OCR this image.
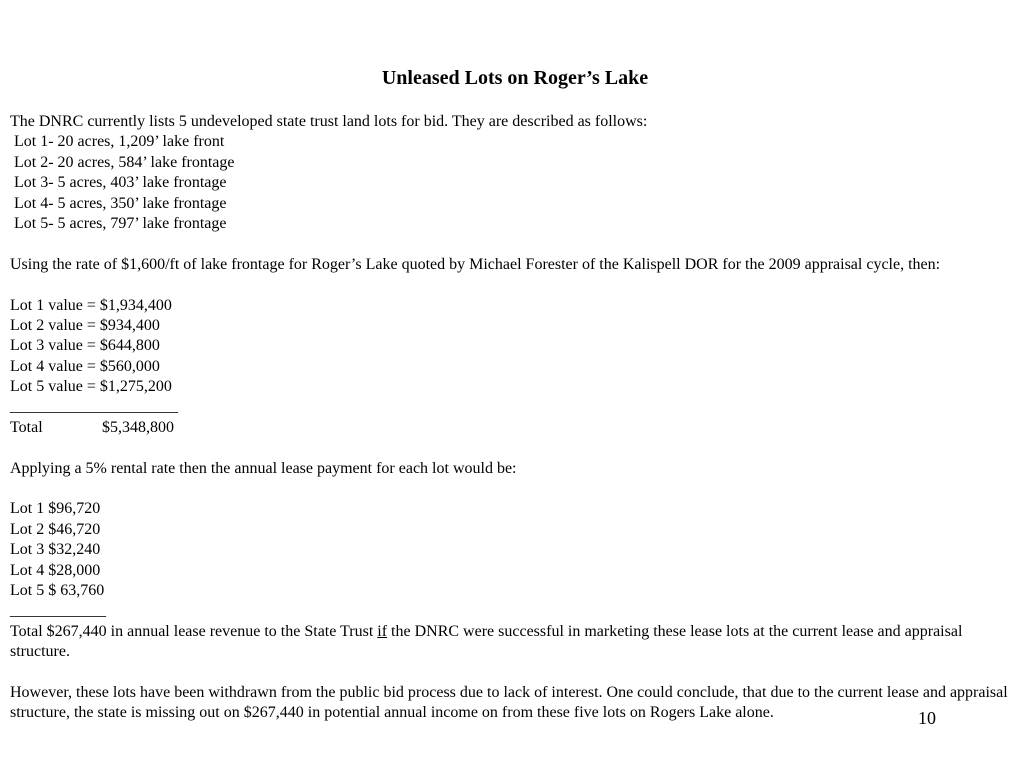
Unleased Lots on Roger’s Lake
The DNRC currently lists 5 undeveloped state trust land lots for bid. They are described as follows:
Lot 1- 20 acres, 1,209’ lake front
Lot 2- 20 acres, 584’ lake frontage
Lot 3- 5 acres, 403’ lake frontage
Lot 4- 5 acres, 350’ lake frontage
Lot 5- 5 acres, 797’ lake frontage
Using the rate of $1,600/ft of lake frontage for Roger’s Lake quoted by Michael Forester of the Kalispell DOR for the 2009 appraisal cycle, then:
Lot 1 value = $1,934,400
Lot 2 value = $934,400
Lot 3 value = $644,800
Lot 4 value = $560,000
Lot 5 value = $1,275,200
_____________________
Total	$5,348,800
Applying a 5% rental rate then the annual lease payment for each lot would be:
Lot 1 $96,720
Lot 2 $46,720
Lot 3 $32,240
Lot 4 $28,000
Lot 5 $ 63,760
____________
Total $267,440 in annual lease revenue to the State Trust if the DNRC were successful in marketing these lease lots at the current lease and appraisal structure.
However, these lots have been withdrawn from the public bid process due to lack of interest. One could conclude, that due to the current lease and appraisal structure, the state is missing out on $267,440 in potential annual income on from these five lots on Rogers Lake alone.	10
